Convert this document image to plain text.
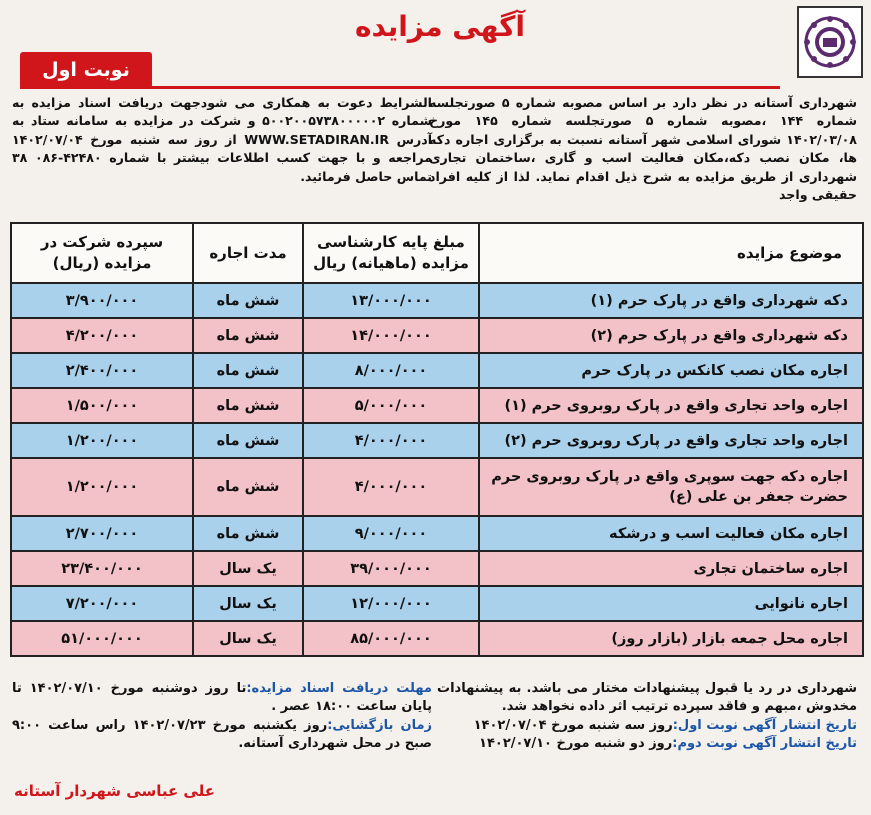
آگهی مزایده
نوبت اول
شهرداری آستانه در نظر دارد بر اساس مصوبه شماره ۵ صورتجلسه شماره ۱۴۴ ،مصوبه شماره ۵ صورتجلسه شماره ۱۴۵ مورخ ۱۴۰۲/۰۳/۰۸ شورای اسلامی شهر آستانه نسبت به برگزاری اجاره دکه ها، مکان نصب دکه،مکان فعالیت اسب و گاری ،ساختمان تجاری شهرداری از طریق مزایده به شرح ذیل اقدام نماید. لذا از کلیه افراد حقیقی واجد
الشرایط دعوت به همکاری می شودجهت دریافت اسناد مزایده به شماره ۵۰۰۲۰۰۵۷۳۸۰۰۰۰۰۲ و شرکت در مزایده به سامانه ستاد به آدرس WWW.SETADIRAN.IR از روز سه شنبه مورخ ۱۴۰۲/۰۷/۰۴ مراجعه و با جهت کسب اطلاعات بیشتر با شماره ۴۲۴۸۰-۰۸۶ ۳۸ تماس حاصل فرمائید.
موضوع مزایده	مبلغ پایه کارشناسی مزایده (ماهیانه) ریال	مدت اجاره	سپرده شرکت در مزایده (ریال)
دکه شهرداری واقع در پارک حرم (۱)	۱۳/۰۰۰/۰۰۰	شش ماه	۳/۹۰۰/۰۰۰
دکه شهرداری واقع در پارک حرم (۲)	۱۴/۰۰۰/۰۰۰	شش ماه	۴/۲۰۰/۰۰۰
اجاره مکان نصب کانکس در پارک حرم	۸/۰۰۰/۰۰۰	شش ماه	۲/۴۰۰/۰۰۰
اجاره واحد تجاری واقع در پارک روبروی حرم (۱)	۵/۰۰۰/۰۰۰	شش ماه	۱/۵۰۰/۰۰۰
اجاره واحد تجاری واقع در پارک روبروی حرم (۲)	۴/۰۰۰/۰۰۰	شش ماه	۱/۲۰۰/۰۰۰
اجاره دکه جهت سوپری واقع در پارک روبروی حرم حضرت جعفر بن علی (ع)	۴/۰۰۰/۰۰۰	شش ماه	۱/۲۰۰/۰۰۰
اجاره مکان فعالیت اسب و درشکه	۹/۰۰۰/۰۰۰	شش ماه	۲/۷۰۰/۰۰۰
اجاره ساختمان تجاری	۳۹/۰۰۰/۰۰۰	یک سال	۲۳/۴۰۰/۰۰۰
اجاره نانوایی	۱۲/۰۰۰/۰۰۰	یک سال	۷/۲۰۰/۰۰۰
اجاره محل جمعه بازار (بازار روز)	۸۵/۰۰۰/۰۰۰	یک سال	۵۱/۰۰۰/۰۰۰
شهرداری در رد یا قبول پیشنهادات مختار می باشد. به پیشنهادات مخدوش ،مبهم و فاقد سپرده ترتیب اثر داده نخواهد شد.
تاریخ انتشار آگهی نوبت اول:روز سه شنبه مورخ ۱۴۰۲/۰۷/۰۴
تاریخ انتشار آگهی نوبت دوم:روز دو شنبه مورخ ۱۴۰۲/۰۷/۱۰
مهلت دریافت اسناد مزایده:تا روز دوشنبه مورخ ۱۴۰۲/۰۷/۱۰ تا پایان ساعت ۱۸:۰۰ عصر .
زمان بازگشایی:روز یکشنبه مورخ ۱۴۰۲/۰۷/۲۳ راس ساعت ۹:۰۰ صبح در محل شهرداری آستانه.
علی عباسی شهردار آستانه
